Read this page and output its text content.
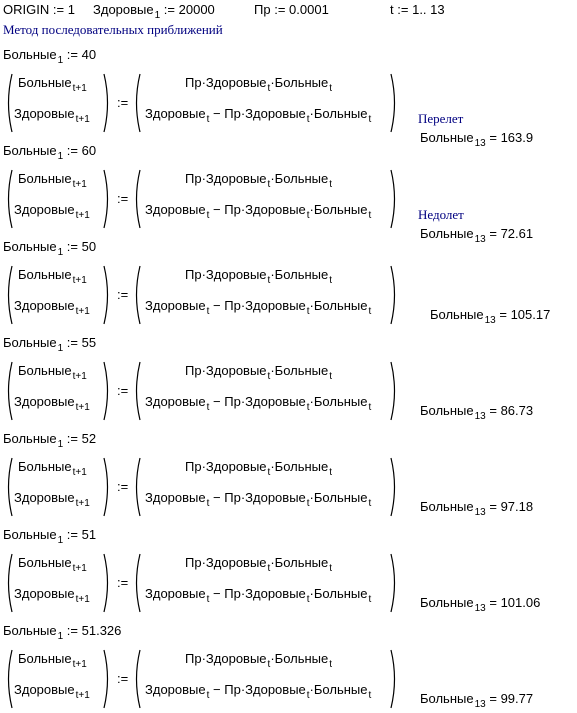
ORIGIN := 1 Здоровые$_1$ := 20000	Пр := 0.0001	t := 1.. 13
Метод последовательных приближений
Больные$_1$ := 40
Больные$_{t+1}$
Здоровые$_{t+1}$
:=
Пр·Здоровые$_t$·Больные$_t$
Здоровые$_t$ − Пр·Здоровые$_t$·Больные$_t$	Перелет
Больные$_{13}$ = 163.9
Больные$_1$ := 60
Больные$_{t+1}$
Здоровые$_{t+1}$
:=
Пр·Здоровые$_t$·Больные$_t$
Здоровые$_t$ − Пр·Здоровые$_t$·Больные$_t$	Недолет
Больные$_{13}$ = 72.61
Больные$_1$ := 50
Больные$_{t+1}$
Здоровые$_{t+1}$
:=
Пр·Здоровые$_t$·Больные$_t$
Здоровые$_t$ − Пр·Здоровые$_t$·Больные$_t$	Больные$_{13}$ = 105.17
Больные$_1$ := 55
Больные$_{t+1}$
Здоровые$_{t+1}$
:=
Пр·Здоровые$_t$·Больные$_t$
Здоровые$_t$ − Пр·Здоровые$_t$·Больные$_t$	Больные$_{13}$ = 86.73
Больные$_1$ := 52
Больные$_{t+1}$
Здоровые$_{t+1}$
:=
Пр·Здоровые$_t$·Больные$_t$
Здоровые$_t$ − Пр·Здоровые$_t$·Больные$_t$	Больные$_{13}$ = 97.18
Больные$_1$ := 51
Больные$_{t+1}$
Здоровые$_{t+1}$
:=
Пр·Здоровые$_t$·Больные$_t$
Здоровые$_t$ − Пр·Здоровые$_t$·Больные$_t$	Больные$_{13}$ = 101.06
Больные$_1$ := 51.326
Больные$_{t+1}$
Здоровые$_{t+1}$
:=
Пр·Здоровые$_t$·Больные$_t$
Здоровые$_t$ − Пр·Здоровые$_t$·Больные$_t$	Больные$_{13}$ = 99.77
